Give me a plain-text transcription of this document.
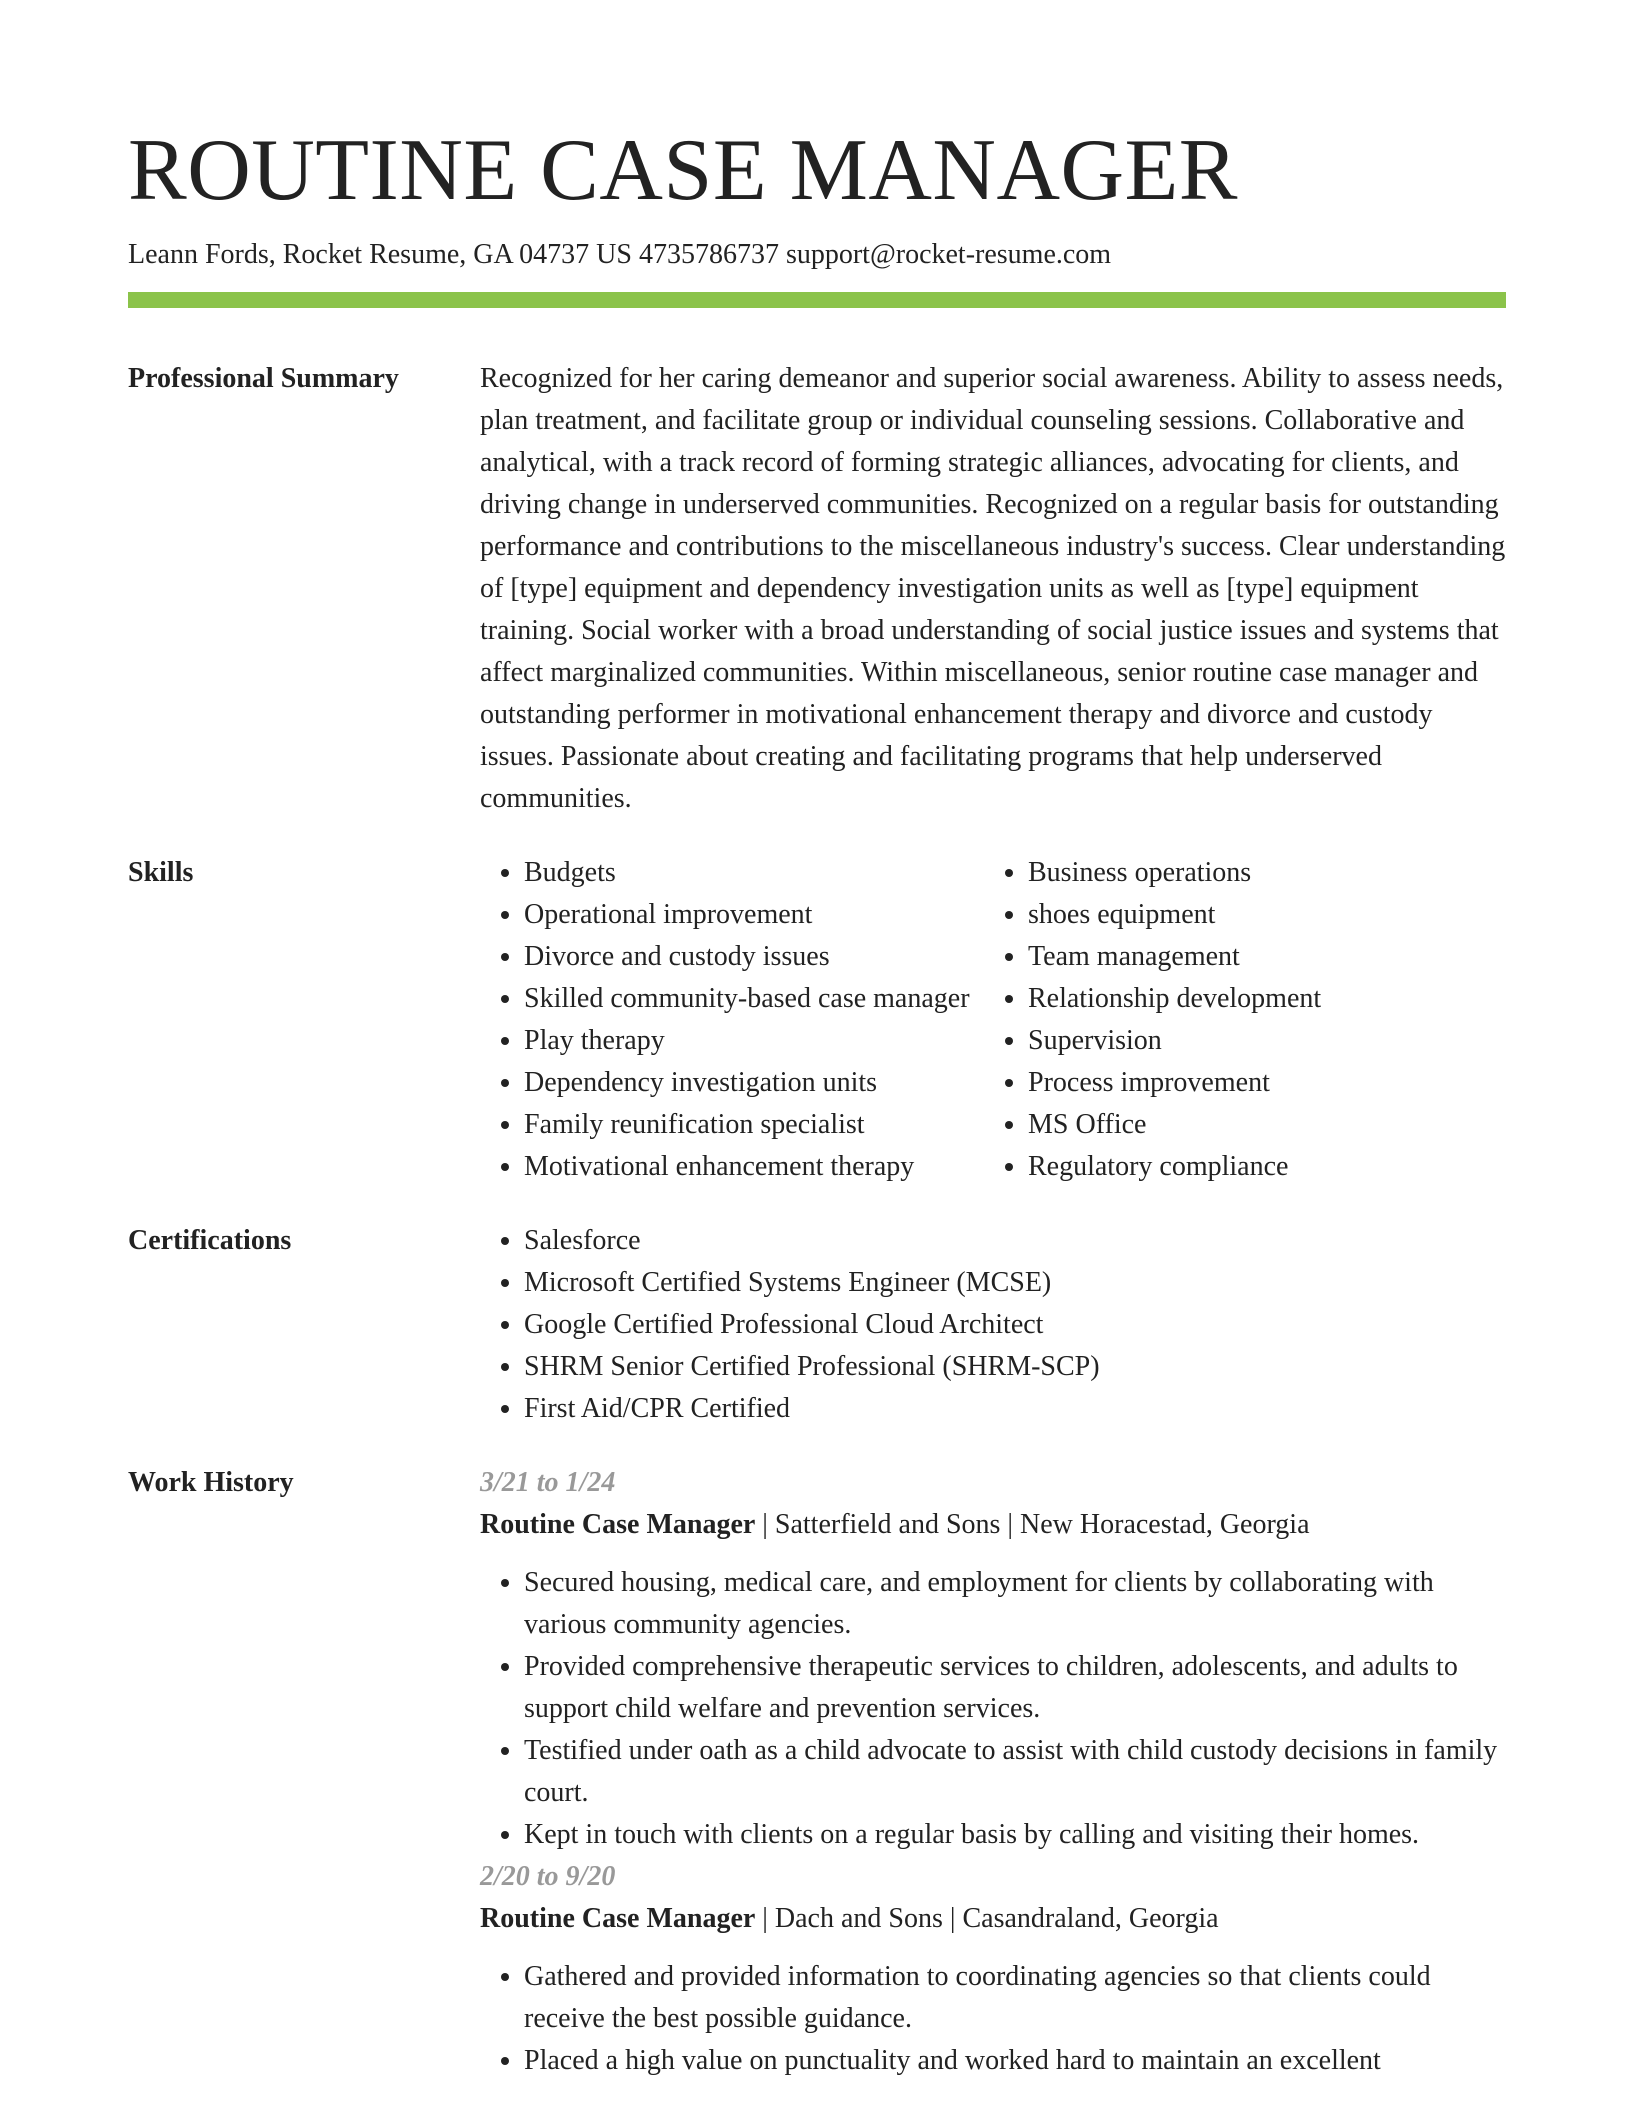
ROUTINE CASE MANAGER
Leann Fords, Rocket Resume, GA 04737 US 4735786737 support@rocket-resume.com
Professional Summary	Recognized for her caring demeanor and superior social awareness. Ability to assess needs, plan treatment, and facilitate group or individual counseling sessions. Collaborative and analytical, with a track record of forming strategic alliances, advocating for clients, and driving change in underserved communities. Recognized on a regular basis for outstanding performance and contributions to the miscellaneous industry's success. Clear understanding of [type] equipment and dependency investigation units as well as [type] equipment training. Social worker with a broad understanding of social justice issues and systems that affect marginalized communities. Within miscellaneous, senior routine case manager and outstanding performer in motivational enhancement therapy and divorce and custody issues. Passionate about creating and facilitating programs that help underserved communities.

Skills	• Budgets
• Operational improvement
• Divorce and custody issues
• Skilled community-based case manager
• Play therapy
• Dependency investigation units
• Family reunification specialist
• Motivational enhancement therapy
• Business operations
• shoes equipment
• Team management
• Relationship development
• Supervision
• Process improvement
• MS Office
• Regulatory compliance
Certifications	• Salesforce
• Microsoft Certified Systems Engineer (MCSE)
• Google Certified Professional Cloud Architect
• SHRM Senior Certified Professional (SHRM-SCP)
• First Aid/CPR Certified
Work History	3/21 to 1/24
Routine Case Manager | Satterfield and Sons | New Horacestad, Georgia
• Secured housing, medical care, and employment for clients by collaborating with various community agencies.
• Provided comprehensive therapeutic services to children, adolescents, and adults to support child welfare and prevention services.
• Testified under oath as a child advocate to assist with child custody decisions in family court.
• Kept in touch with clients on a regular basis by calling and visiting their homes.
2/20 to 9/20
Routine Case Manager | Dach and Sons | Casandraland, Georgia
• Gathered and provided information to coordinating agencies so that clients could receive the best possible guidance.
• Placed a high value on punctuality and worked hard to maintain an excellent
